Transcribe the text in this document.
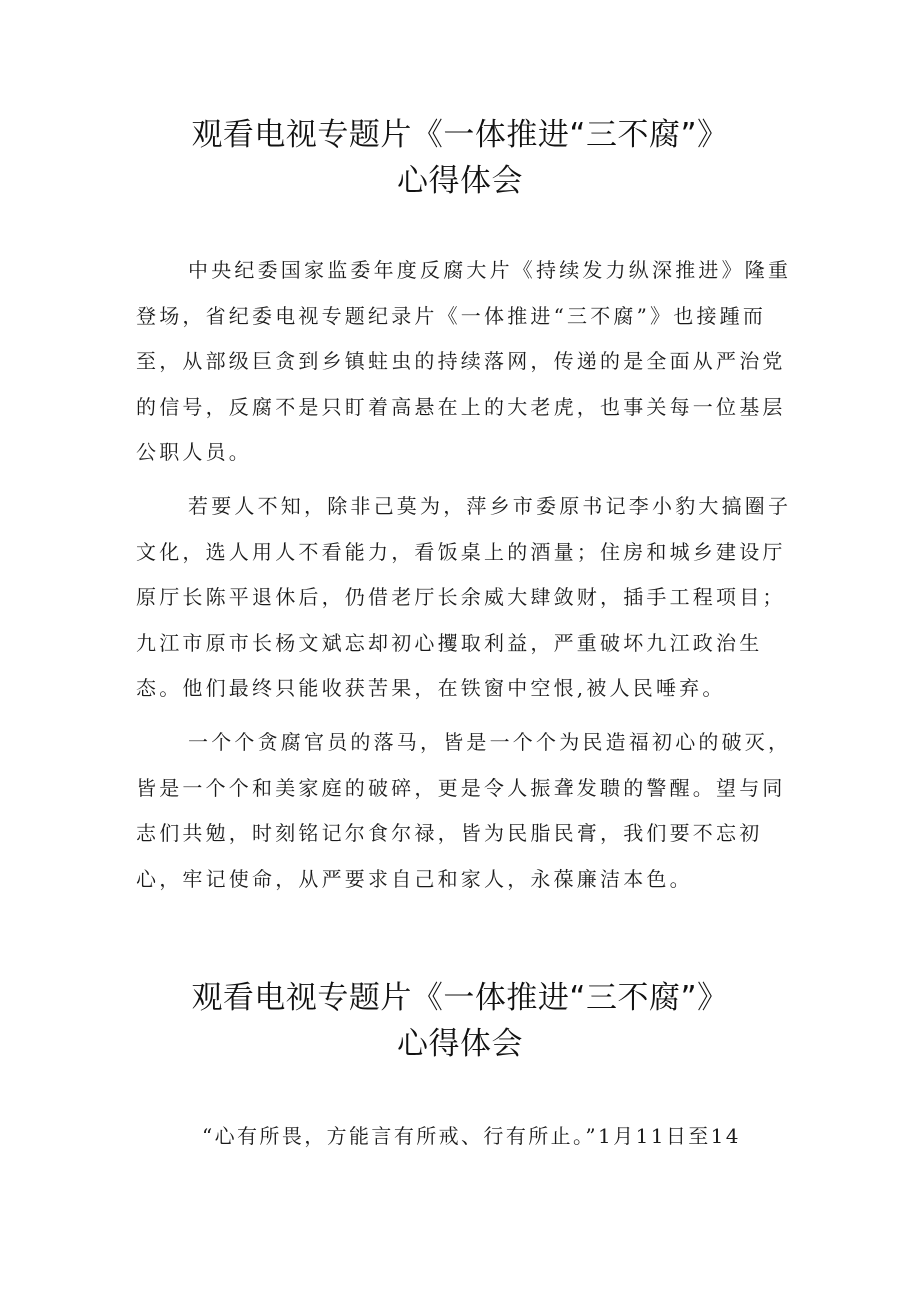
观看电视专题片《一体推进“三不腐”》
心得体会

中央纪委国家监委年度反腐大片《持续发力纵深推进》隆重登场，省纪委电视专题纪录片《一体推进“三不腐”》也接踵而至，从部级巨贪到乡镇蛀虫的持续落网，传递的是全面从严治党的信号，反腐不是只盯着高悬在上的大老虎，也事关每一位基层公职人员。

若要人不知，除非己莫为，萍乡市委原书记李小豹大搞圈子文化，选人用人不看能力，看饭桌上的酒量；住房和城乡建设厅原厅长陈平退休后，仍借老厅长余威大肆敛财，插手工程项目；九江市原市长杨文斌忘却初心攫取利益，严重破坏九江政治生态。他们最终只能收获苦果，在铁窗中空恨,被人民唾弃。

一个个贪腐官员的落马，皆是一个个为民造福初心的破灭，皆是一个个和美家庭的破碎，更是令人振聋发聩的警醒。望与同志们共勉，时刻铭记尔食尔禄，皆为民脂民膏，我们要不忘初心，牢记使命，从严要求自己和家人，永葆廉洁本色。

观看电视专题片《一体推进“三不腐”》
心得体会

“心有所畏，方能言有所戒、行有所止。”1月11日至14
